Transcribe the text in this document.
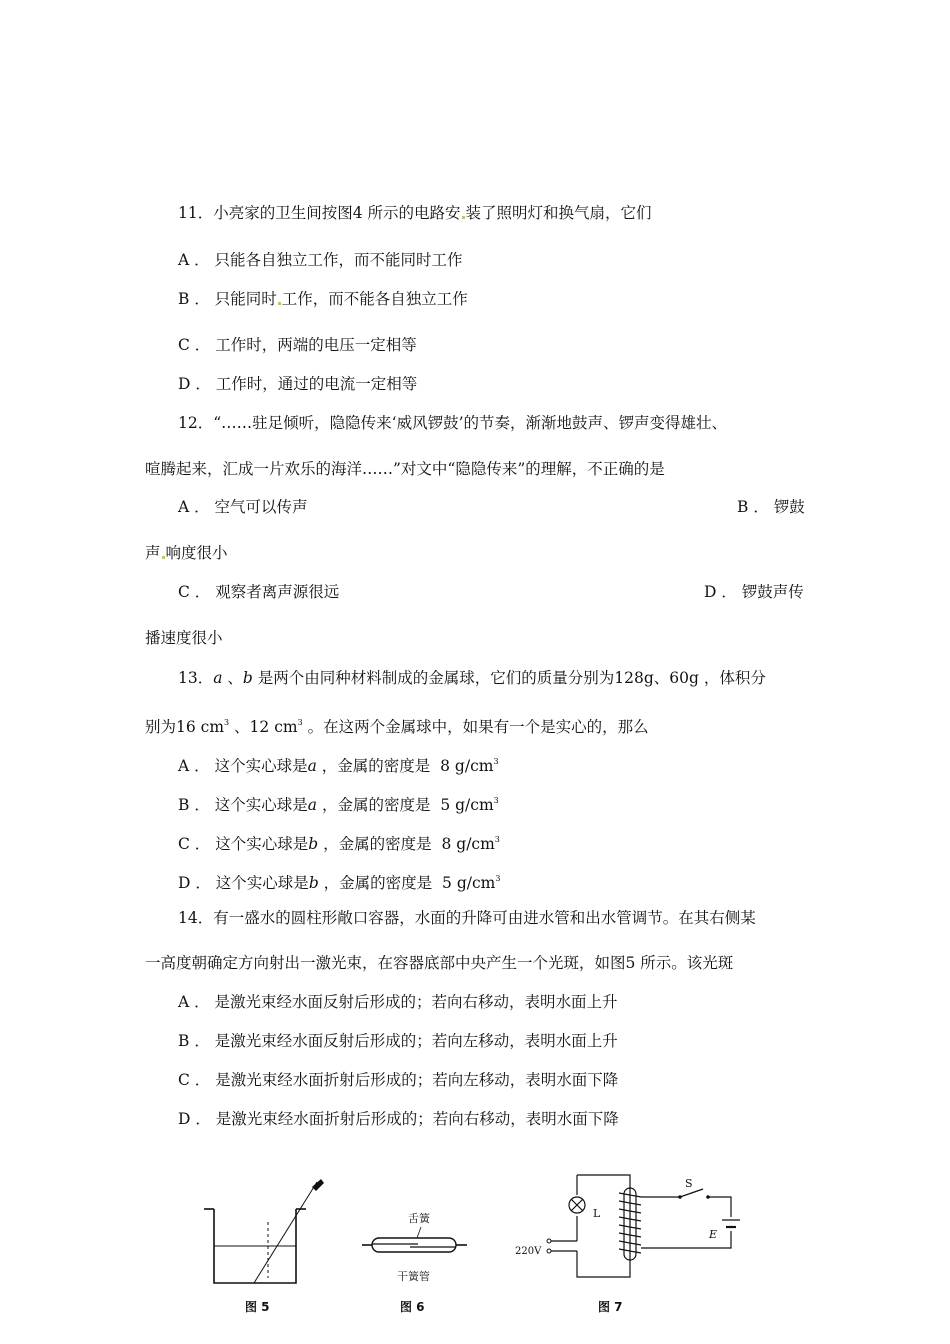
11．小亮家的卫生间按图4 所示的电路安 装了照明灯和换气扇，它们
A ． 只能各自独立工作，而不能同时工作
B ． 只能同时 工作，而不能各自独立工作
C ． 工作时，两端的电压一定相等
D ． 工作时，通过的电流一定相等
12．“……驻足倾听，隐隐传来‘威风锣鼓’的节奏，渐渐地鼓声、锣声变得雄壮、
喧腾起来，汇成一片欢乐的海洋……”对文中“隐隐传来”的理解，不正确的是
A ． 空气可以传声	B ． 锣鼓
声 响度很小
C ． 观察者离声源很远	D ． 锣鼓声传
播速度很小
13．a 、b 是两个由同种材料制成的金属球，它们的质量分别为128g、60g ，体积分
别为16 $cm^3$ 、12 $cm^3$ 。在这两个金属球中，如果有一个是实心的，那么
A ． 这个实心球是a ，金属的密度是  8 $g/cm^3$
B ． 这个实心球是a ，金属的密度是  5 $g/cm^3$
C ． 这个实心球是b ，金属的密度是  8 $g/cm^3$
D ． 这个实心球是b ，金属的密度是  5 $g/cm^3$
14．有一盛水的圆柱形敞口容器，水面的升降可由进水管和出水管调节。在其右侧某
一高度朝确定方向射出一激光束，在容器底部中央产生一个光斑，如图5 所示。该光斑
A ． 是激光束经水面反射后形成的；若向右移动，表明水面上升
B ． 是激光束经水面反射后形成的；若向左移动，表明水面上升
C ． 是激光束经水面折射后形成的；若向左移动，表明水面下降
D ． 是激光束经水面折射后形成的；若向右移动，表明水面下降
图 5
舌簧
干簧管
图 6
L
S
E
220V
图 7
